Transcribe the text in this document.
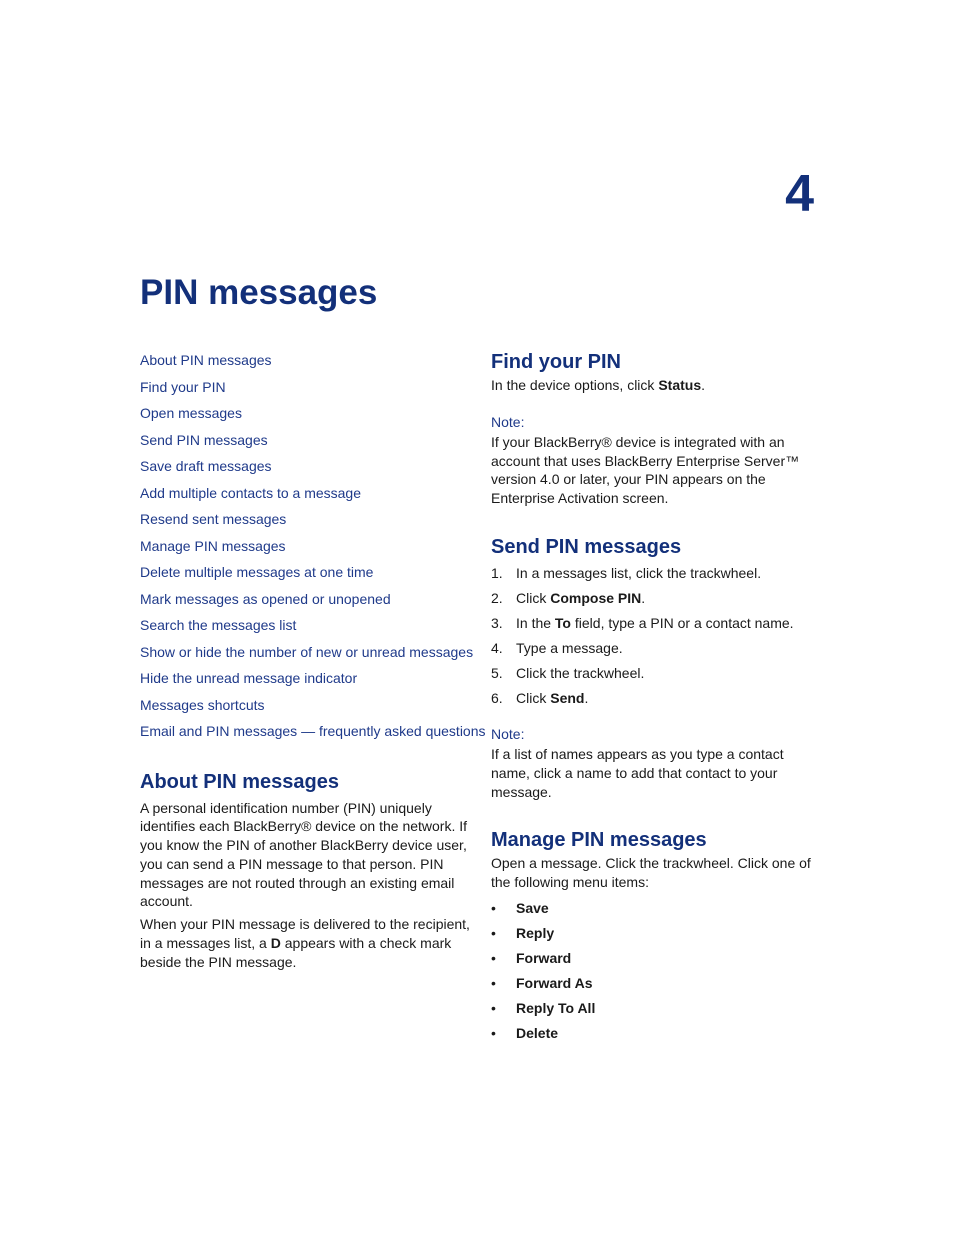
4
PIN messages
About PIN messages
Find your PIN
Open messages
Send PIN messages
Save draft messages
Add multiple contacts to a message
Resend sent messages
Manage PIN messages
Delete multiple messages at one time
Mark messages as opened or unopened
Search the messages list
Show or hide the number of new or unread messages
Hide the unread message indicator
Messages shortcuts
Email and PIN messages — frequently asked questions
About PIN messages

A personal identification number (PIN) uniquely identifies each BlackBerry® device on the network. If you know the PIN of another BlackBerry device user, you can send a PIN message to that person. PIN messages are not routed through an existing email account.

When your PIN message is delivered to the recipient, in a messages list, a D appears with a check mark beside the PIN message.

Find your PIN

In the device options, click Status.

Note:

If your BlackBerry® device is integrated with an account that uses BlackBerry Enterprise Server™ version 4.0 or later, your PIN appears on the Enterprise Activation screen.

Send PIN messages
1. In a messages list, click the trackwheel.
2. Click Compose PIN.
3. In the To field, type a PIN or a contact name.
4. Type a message.
5. Click the trackwheel.
6. Click Send.

Note:

If a list of names appears as you type a contact name, click a name to add that contact to your message.

Manage PIN messages

Open a message. Click the trackwheel. Click one of the following menu items:

• Save
• Reply
• Forward
• Forward As
• Reply To All
• Delete
